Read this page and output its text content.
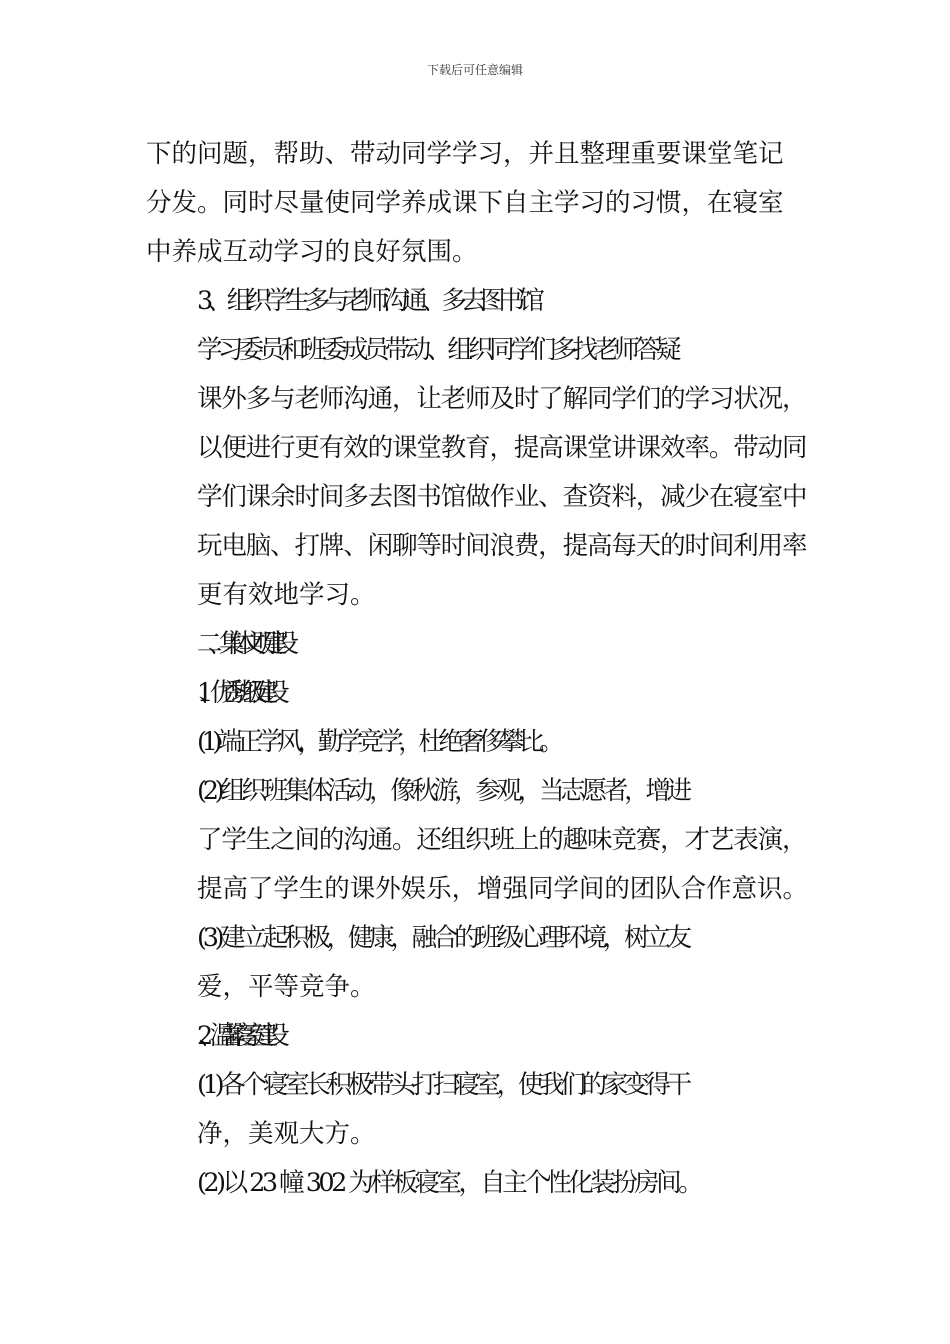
下载后可任意编辑

下的问题，帮助、带动同学学习，并且整理重要课堂笔记
分发。同时尽量使同学养成课下自主学习的习惯，在寝室
中养成互动学习的良好氛围。

3、组织学生多与老师沟通、多去图书馆

学习委员和班委成员带动、组织同学们多找老师答疑
课外多与老师沟通，让老师及时了解同学们的学习状况，
以便进行更有效的课堂教育，提高课堂讲课效率。带动同
学们课余时间多去图书馆做作业、查资料，减少在寝室中
玩电脑、打牌、闲聊等时间浪费，提高每天的时间利用率
更有效地学习。

二、集体文明建设

1、优秀班级建设

(1)端正学风，勤学竞学，杜绝奢侈攀比。

(2)组织班集体活动，像秋游，参观，当志愿者，增进
了学生之间的沟通。还组织班上的趣味竞赛，才艺表演，
提高了学生的课外娱乐，增强同学间的团队合作意识。

(3)建立起积极，健康，融合的班级心理环境，树立友
爱，平等竞争。

2、温馨寝室建设

(1)各个寝室长积极带头打扫寝室，使我们的家变得干
净，美观大方。

(2)以 23 幢 302 为样板寝室，自主个性化装扮房间。
